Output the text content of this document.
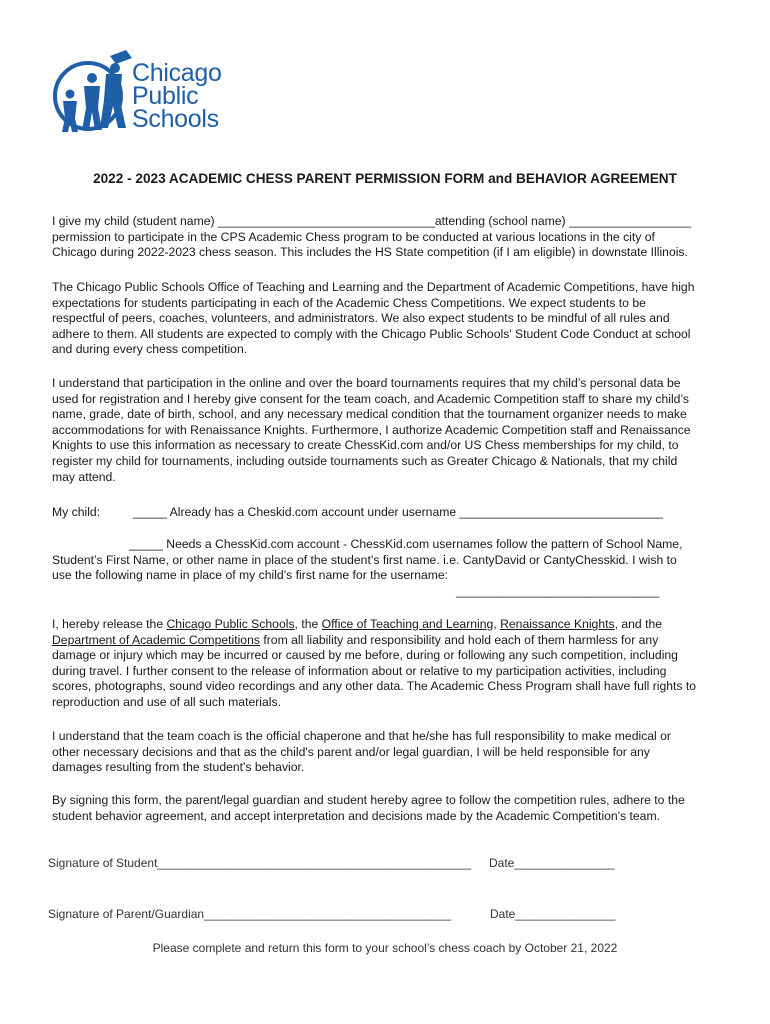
Chicago
Public
Schools
2022 - 2023 ACADEMIC CHESS PARENT PERMISSION FORM and BEHAVIOR AGREEMENT
I give my child (student name) ________________________________attending (school name) __________________
permission to participate in the CPS Academic Chess program to be conducted at various locations in the city of
Chicago during 2022-2023 chess season. This includes the HS State competition (if I am eligible) in downstate Illinois.
The Chicago Public Schools Office of Teaching and Learning and the Department of Academic Competitions, have high
expectations for students participating in each of the Academic Chess Competitions. We expect students to be
respectful of peers, coaches, volunteers, and administrators. We also expect students to be mindful of all rules and
adhere to them. All students are expected to comply with the Chicago Public Schools' Student Code Conduct at school
and during every chess competition.
I understand that participation in the online and over the board tournaments requires that my child’s personal data be
used for registration and I hereby give consent for the team coach, and Academic Competition staff to share my child’s
name, grade, date of birth, school, and any necessary medical condition that the tournament organizer needs to make
accommodations for with Renaissance Knights. Furthermore, I authorize Academic Competition staff and Renaissance
Knights to use this information as necessary to create ChessKid.com and/or US Chess memberships for my child, to
register my child for tournaments, including outside tournaments such as Greater Chicago & Nationals, that my child
may attend.
My child:	_____ Already has a Cheskid.com account under username ______________________________
_____ Needs a ChessKid.com account - ChessKid.com usernames follow the pattern of School Name,
Student’s First Name, or other name in place of the student’s first name. i.e. CantyDavid or CantyChesskid. I wish to
use the following name in place of my child’s first name for the username:
______________________________
I, hereby release the Chicago Public Schools, the Office of Teaching and Learning, Renaissance Knights, and the
Department of Academic Competitions from all liability and responsibility and hold each of them harmless for any
damage or injury which may be incurred or caused by me before, during or following any such competition, including
during travel. I further consent to the release of information about or relative to my participation activities, including
scores, photographs, sound video recordings and any other data. The Academic Chess Program shall have full rights to
reproduction and use of all such materials.
I understand that the team coach is the official chaperone and that he/she has full responsibility to make medical or
other necessary decisions and that as the child's parent and/or legal guardian, I will be held responsible for any
damages resulting from the student's behavior.
By signing this form, the parent/legal guardian and student hereby agree to follow the competition rules, adhere to the
student behavior agreement, and accept interpretation and decisions made by the Academic Competition's team.
Signature of Student_______________________________________________ Date_______________
Signature of Parent/Guardian_____________________________________	Date_______________
Please complete and return this form to your school’s chess coach by October 21, 2022
